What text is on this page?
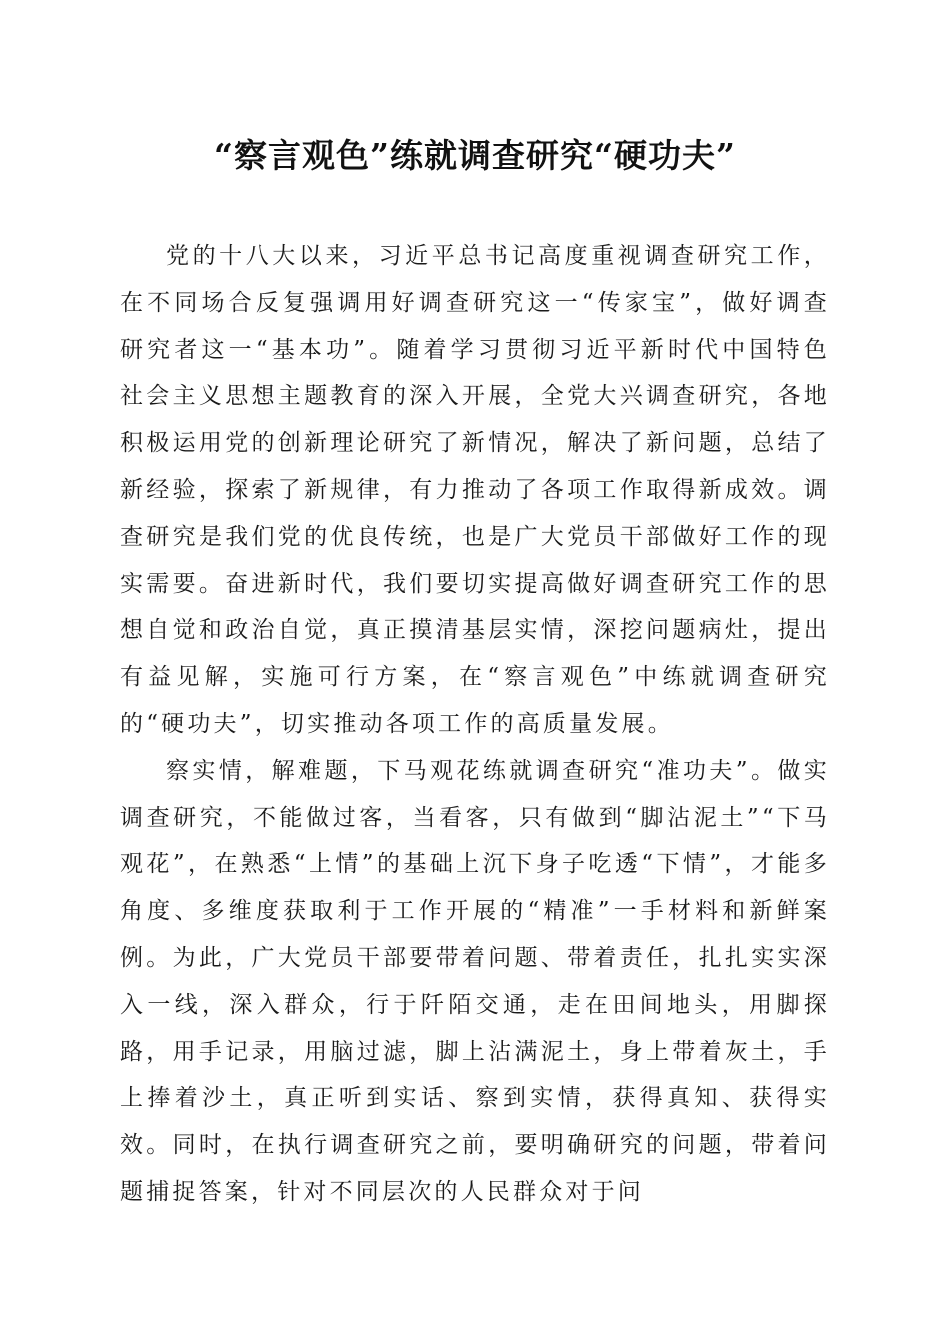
“察言观色”练就调查研究“硬功夫”

党的十八大以来，习近平总书记高度重视调查研究工作，在不同场合反复强调用好调查研究这一“传家宝”，做好调查研究者这一“基本功”。随着学习贯彻习近平新时代中国特色社会主义思想主题教育的深入开展，全党大兴调查研究，各地积极运用党的创新理论研究了新情况，解决了新问题，总结了新经验，探索了新规律，有力推动了各项工作取得新成效。调查研究是我们党的优良传统，也是广大党员干部做好工作的现实需要。奋进新时代，我们要切实提高做好调查研究工作的思想自觉和政治自觉，真正摸清基层实情，深挖问题病灶，提出有益见解，实施可行方案，在“察言观色”中练就调查研究的“硬功夫”，切实推动各项工作的高质量发展。

察实情，解难题，下马观花练就调查研究“准功夫”。做实调查研究，不能做过客，当看客，只有做到“脚沾泥土”“下马观花”，在熟悉“上情”的基础上沉下身子吃透“下情”，才能多角度、多维度获取利于工作开展的“精准”一手材料和新鲜案例。为此，广大党员干部要带着问题、带着责任，扎扎实实深入一线，深入群众，行于阡陌交通，走在田间地头，用脚探路，用手记录，用脑过滤，脚上沾满泥土，身上带着灰土，手上捧着沙土，真正听到实话、察到实情，获得真知、获得实效。同时，在执行调查研究之前，要明确研究的问题，带着问题捕捉答案，针对不同层次的人民群众对于问
